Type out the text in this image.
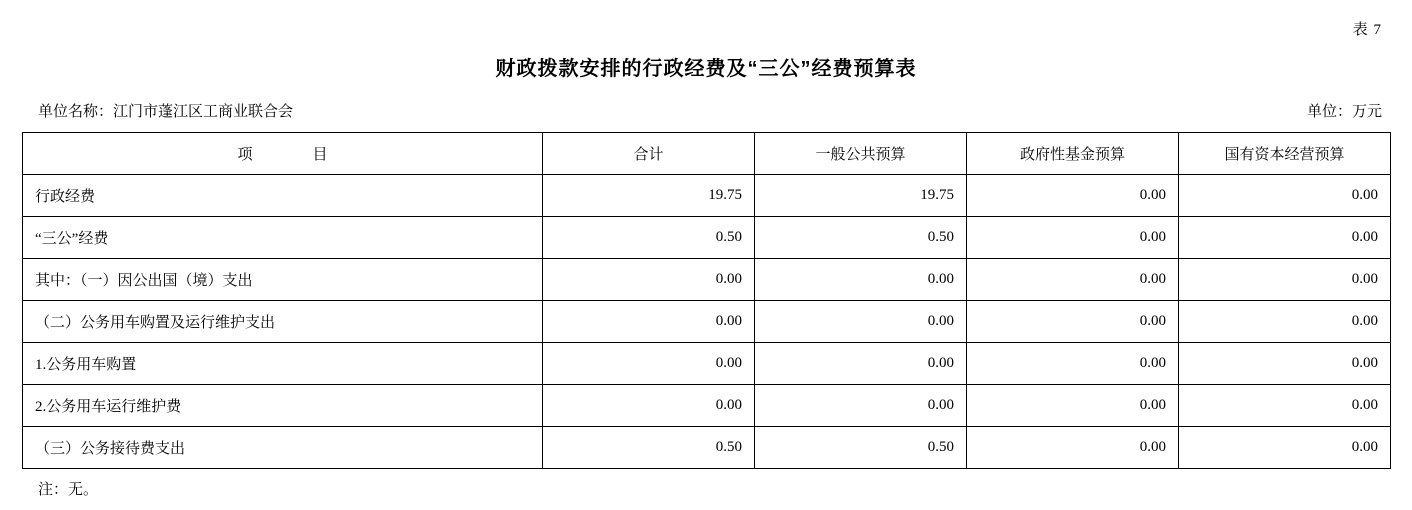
表 7
财政拨款安排的行政经费及“三公”经费预算表
单位名称：江门市蓬江区工商业联合会	单位：万元
项　　　　目	合计	一般公共预算	政府性基金预算	国有资本经营预算
行政经费	19.75	19.75	0.00	0.00
“三公”经费	0.50	0.50	0.00	0.00
其中：（一）因公出国（境）支出	0.00	0.00	0.00	0.00
（二）公务用车购置及运行维护支出	0.00	0.00	0.00	0.00
1.公务用车购置	0.00	0.00	0.00	0.00
2.公务用车运行维护费	0.00	0.00	0.00	0.00
（三）公务接待费支出	0.50	0.50	0.00	0.00
注：无。
